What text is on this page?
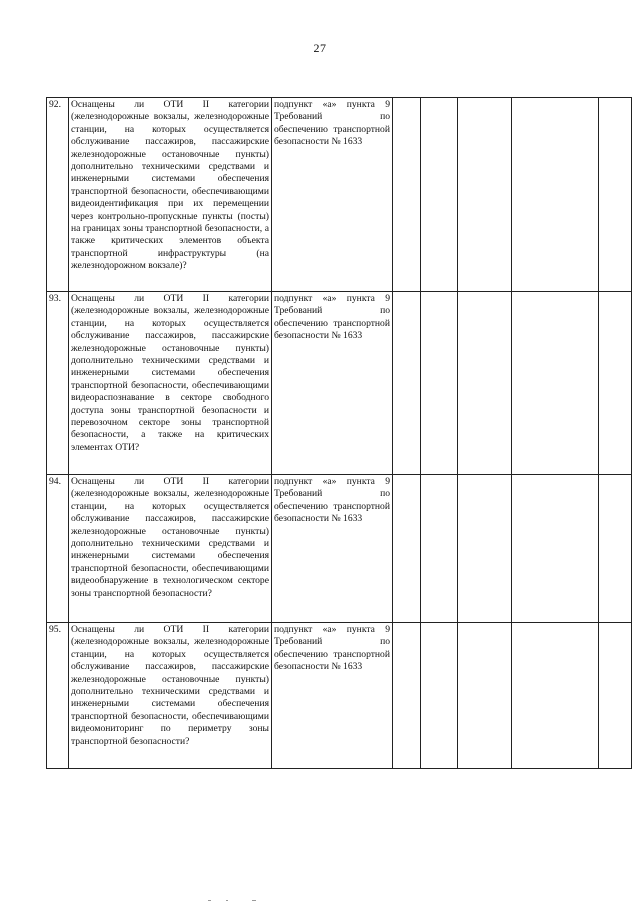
27
92.	Оснащены ли ОТИ II категории (железнодорожные вокзалы, железнодорожные станции, на которых осуществляется обслуживание пассажиров, пассажирские железнодорожные остановочные пункты) дополнительно техническими средствами и инженерными системами обеспечения транспортной безопасности, обеспечивающими видеоидентификация при их перемещении через контрольно-пропускные пункты (посты) на границах зоны транспортной безопасности, а также критических элементов объекта транспортной инфраструктуры (на железнодорожном вокзале)?	подпункт «а» пункта 9 Требований по обеспечению транспортной безопасности № 1633					

93.	Оснащены ли ОТИ II категории (железнодорожные вокзалы, железнодорожные станции, на которых осуществляется обслуживание пассажиров, пассажирские железнодорожные остановочные пункты) дополнительно техническими средствами и инженерными системами обеспечения транспортной безопасности, обеспечивающими видеораспознавание в секторе свободного доступа зоны транспортной безопасности и перевозочном секторе зоны транспортной безопасности, а также на критических элементах ОТИ?	подпункт «а» пункта 9 Требований по обеспечению транспортной безопасности № 1633					

94.	Оснащены ли ОТИ II категории (железнодорожные вокзалы, железнодорожные станции, на которых осуществляется обслуживание пассажиров, пассажирские железнодорожные остановочные пункты) дополнительно техническими средствами и инженерными системами обеспечения транспортной безопасности, обеспечивающими видеообнаружение в технологическом секторе зоны транспортной безопасности?	подпункт «а» пункта 9 Требований по обеспечению транспортной безопасности № 1633					

95.	Оснащены ли ОТИ II категории (железнодорожные вокзалы, железнодорожные станции, на которых осуществляется обслуживание пассажиров, пассажирские железнодорожные остановочные пункты) дополнительно техническими средствами и инженерными системами обеспечения транспортной безопасности, обеспечивающими видеомониторинг по периметру зоны транспортной безопасности?	подпункт «а» пункта 9 Требований по обеспечению транспортной безопасности № 1633					
